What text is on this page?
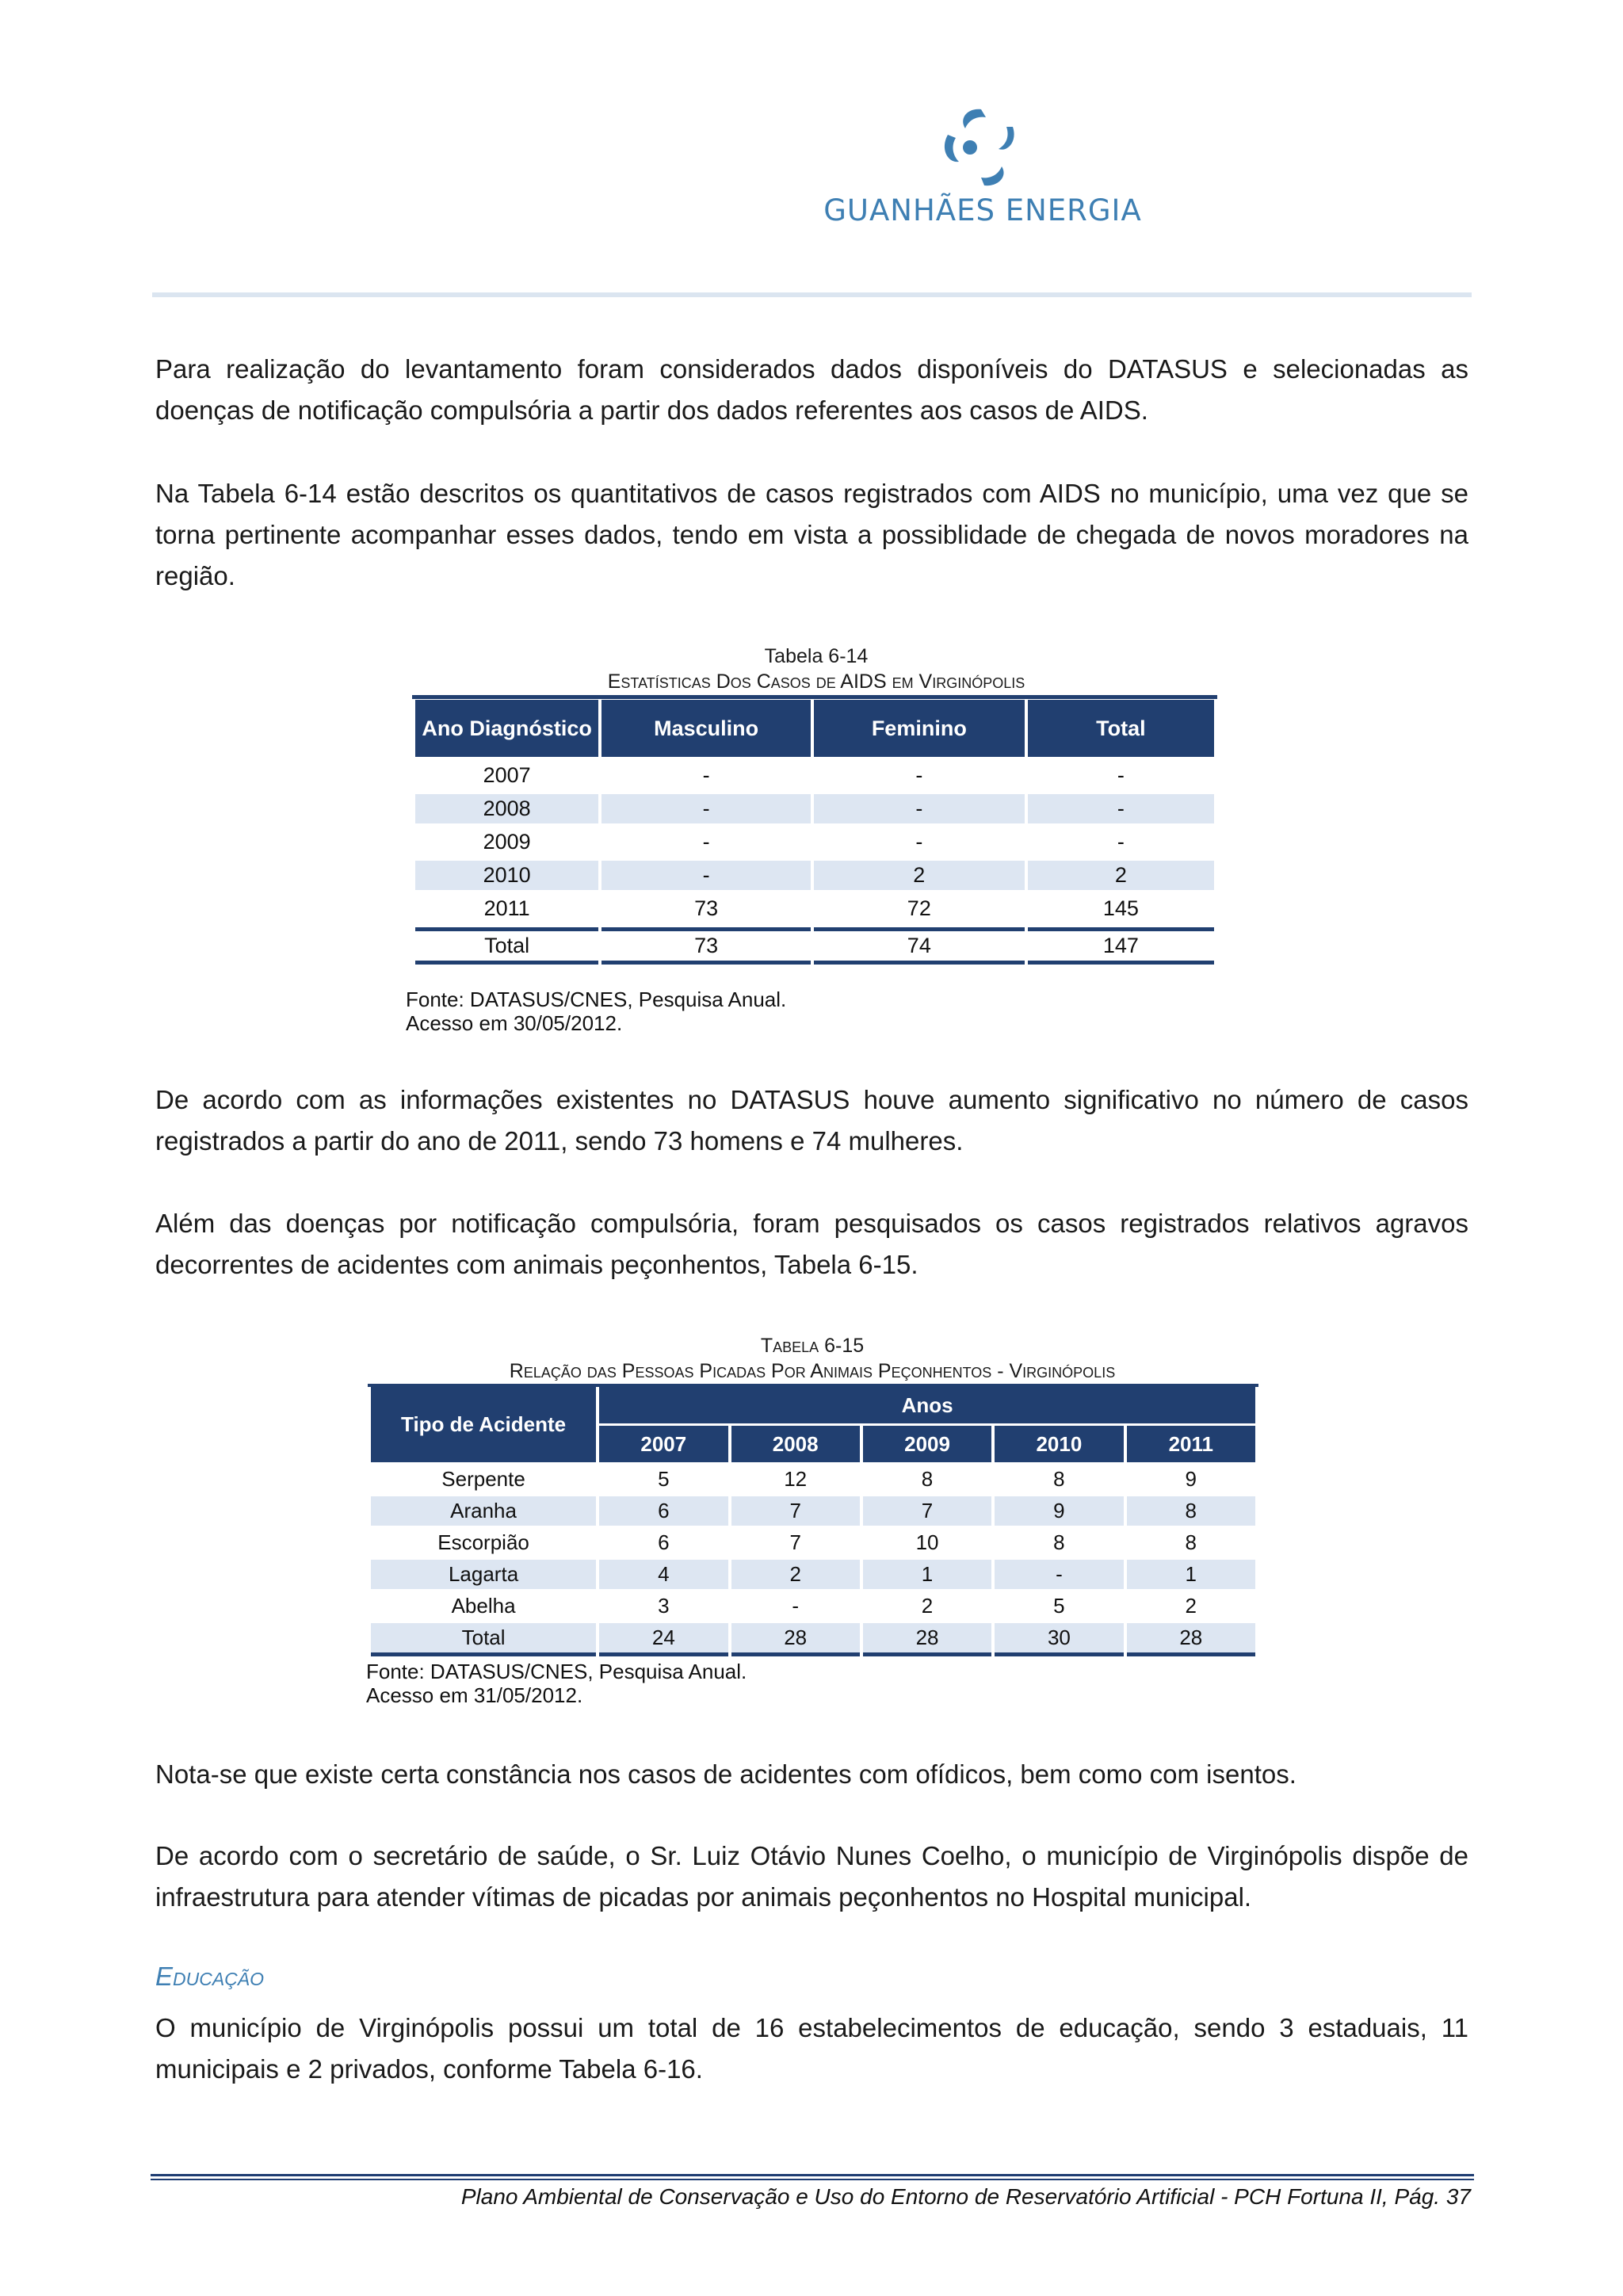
GUANHÃES ENERGIA

Para realização do levantamento foram considerados dados disponíveis do DATASUS e selecionadas as doenças de notificação compulsória a partir dos dados referentes aos casos de AIDS.

Na Tabela 6-14 estão descritos os quantitativos de casos registrados com AIDS no município, uma vez que se torna pertinente acompanhar esses dados, tendo em vista a possiblidade de chegada de novos moradores na região.

Tabela 6-14
Estatísticas Dos Casos de AIDS em Virginópolis
Ano Diagnóstico	Masculino	Feminino	Total
2007	-	-	-
2008	-	-	-
2009	-	-	-
2010	-	2	2
2011	73	72	145
Total	73	74	147
Fonte: DATASUS/CNES, Pesquisa Anual.
Acesso em 30/05/2012.

De acordo com as informações existentes no DATASUS houve aumento significativo no número de casos registrados a partir do ano de 2011, sendo 73 homens e 74 mulheres.

Além das doenças por notificação compulsória, foram pesquisados os casos registrados relativos agravos decorrentes de acidentes com animais peçonhentos, Tabela 6-15.

Tabela 6-15
Relação das Pessoas Picadas Por Animais Peçonhentos - Virginópolis
Tipo de Acidente	Anos				
	2007	2008	2009	2010	2011
Serpente	5	12	8	8	9
Aranha	6	7	7	9	8
Escorpião	6	7	10	8	8
Lagarta	4	2	1	-	1
Abelha	3	-	2	5	2
Total	24	28	28	30	28
Fonte: DATASUS/CNES, Pesquisa Anual.
Acesso em 31/05/2012.

Nota-se que existe certa constância nos casos de acidentes com ofídicos, bem como com isentos.

De acordo com o secretário de saúde, o Sr. Luiz Otávio Nunes Coelho, o município de Virginópolis dispõe de infraestrutura para atender vítimas de picadas por animais peçonhentos no Hospital municipal.

Educação

O município de Virginópolis possui um total de 16 estabelecimentos de educação, sendo 3 estaduais, 11 municipais e 2 privados, conforme Tabela 6-16.

Plano Ambiental de Conservação e Uso do Entorno de Reservatório Artificial - PCH Fortuna II, Pág. 37
